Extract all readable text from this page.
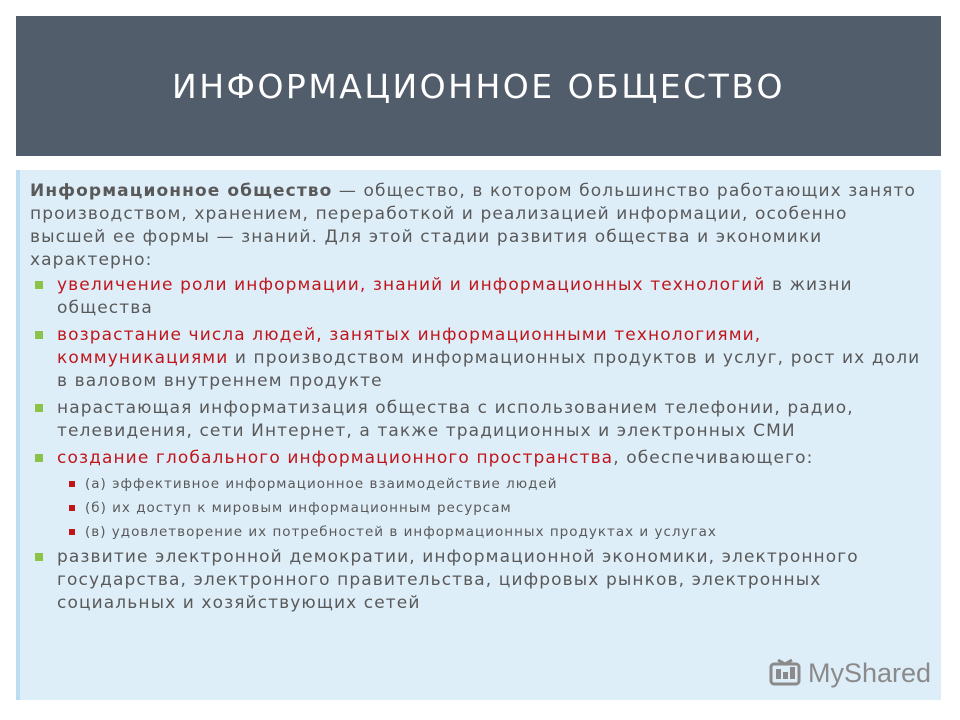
ИНФОРМАЦИОННОЕ ОБЩЕСТВО

Информационное общество — общество, в котором большинство работающих занято производством, хранением, переработкой и реализацией информации, особенно высшей ее формы — знаний. Для этой стадии развития общества и экономики характерно:

увеличение роли информации, знаний и информационных технологий в жизни общества
возрастание числа людей, занятых информационными технологиями, коммуникациями и производством информационных продуктов и услуг, рост их доли в валовом внутреннем продукте
нарастающая информатизация общества с использованием телефонии, радио, телевидения, сети Интернет, а также традиционных и электронных СМИ
создание глобального информационного пространства, обеспечивающего:
(а) эффективное информационное взаимодействие людей
(б) их доступ к мировым информационным ресурсам
(в) удовлетворение их потребностей в информационных продуктах и услугах
развитие электронной демократии, информационной экономики, электронного государства, электронного правительства, цифровых рынков, электронных социальных и хозяйствующих сетей
MyShared
